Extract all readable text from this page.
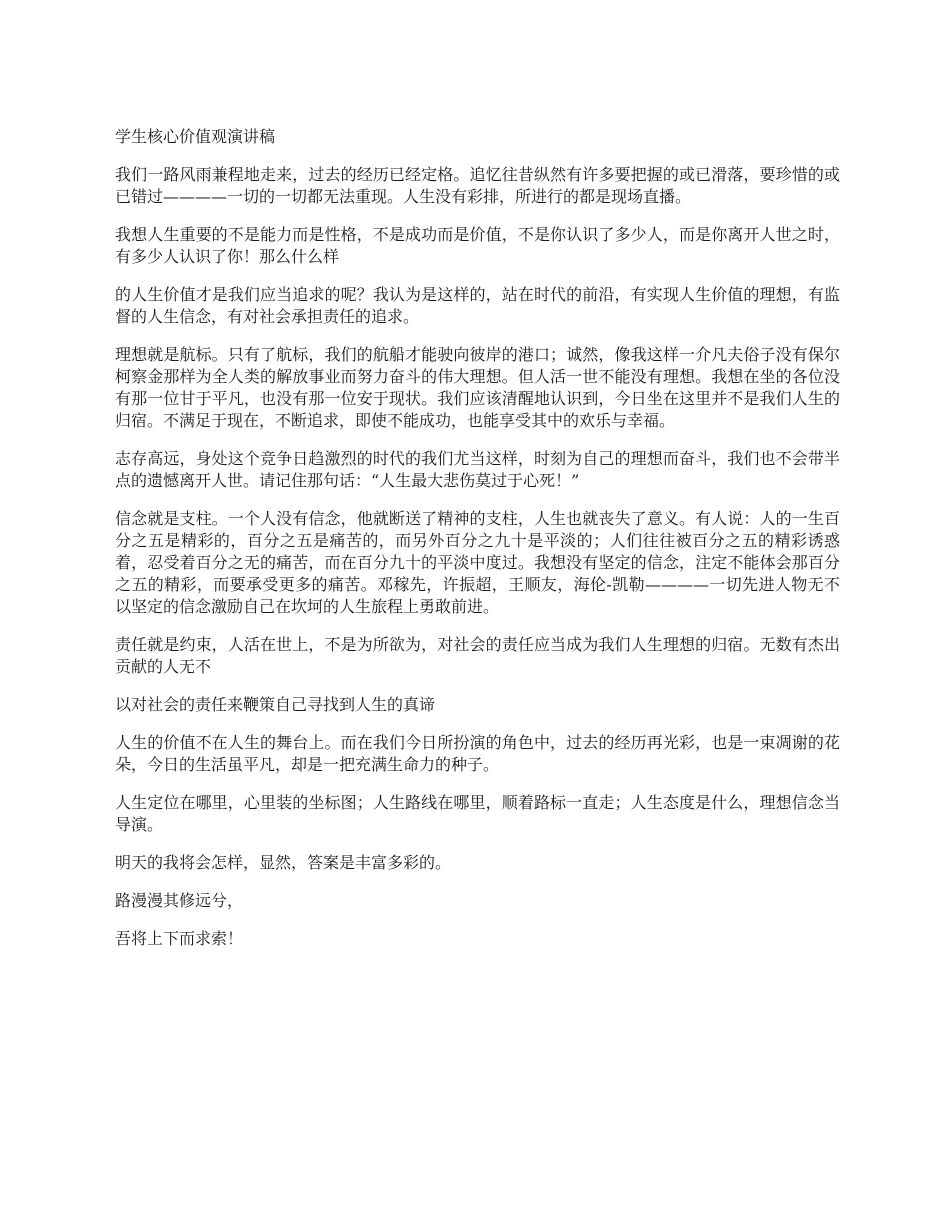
学生核心价值观演讲稿

我们一路风雨兼程地走来，过去的经历已经定格。追忆往昔纵然有许多要把握的或已滑落，要珍惜的或已错过————一切的一切都无法重现。人生没有彩排，所进行的都是现场直播。

我想人生重要的不是能力而是性格，不是成功而是价值，不是你认识了多少人，而是你离开人世之时，有多少人认识了你！那么什么样

的人生价值才是我们应当追求的呢？我认为是这样的，站在时代的前沿，有实现人生价值的理想，有监督的人生信念，有对社会承担责任的追求。

理想就是航标。只有了航标，我们的航船才能驶向彼岸的港口；诚然，像我这样一介凡夫俗子没有保尔柯察金那样为全人类的解放事业而努力奋斗的伟大理想。但人活一世不能没有理想。我想在坐的各位没有那一位甘于平凡，也没有那一位安于现状。我们应该清醒地认识到，今日坐在这里并不是我们人生的归宿。不满足于现在，不断追求，即使不能成功，也能享受其中的欢乐与幸福。

志存高远，身处这个竞争日趋激烈的时代的我们尤当这样，时刻为自己的理想而奋斗，我们也不会带半点的遗憾离开人世。请记住那句话：“人生最大悲伤莫过于心死！”

信念就是支柱。一个人没有信念，他就断送了精神的支柱，人生也就丧失了意义。有人说：人的一生百分之五是精彩的，百分之五是痛苦的，而另外百分之九十是平淡的；人们往往被百分之五的精彩诱惑着，忍受着百分之无的痛苦，而在百分九十的平淡中度过。我想没有坚定的信念，注定不能体会那百分之五的精彩，而要承受更多的痛苦。邓稼先，许振超，王顺友，海伦-凯勒————一切先进人物无不以坚定的信念激励自己在坎坷的人生旅程上勇敢前进。

责任就是约束，人活在世上，不是为所欲为，对社会的责任应当成为我们人生理想的归宿。无数有杰出贡献的人无不

以对社会的责任来鞭策自己寻找到人生的真谛

人生的价值不在人生的舞台上。而在我们今日所扮演的角色中，过去的经历再光彩，也是一束凋谢的花朵，今日的生活虽平凡，却是一把充满生命力的种子。

人生定位在哪里，心里装的坐标图；人生路线在哪里，顺着路标一直走；人生态度是什么，理想信念当导演。

明天的我将会怎样，显然，答案是丰富多彩的。

路漫漫其修远兮，

吾将上下而求索！
